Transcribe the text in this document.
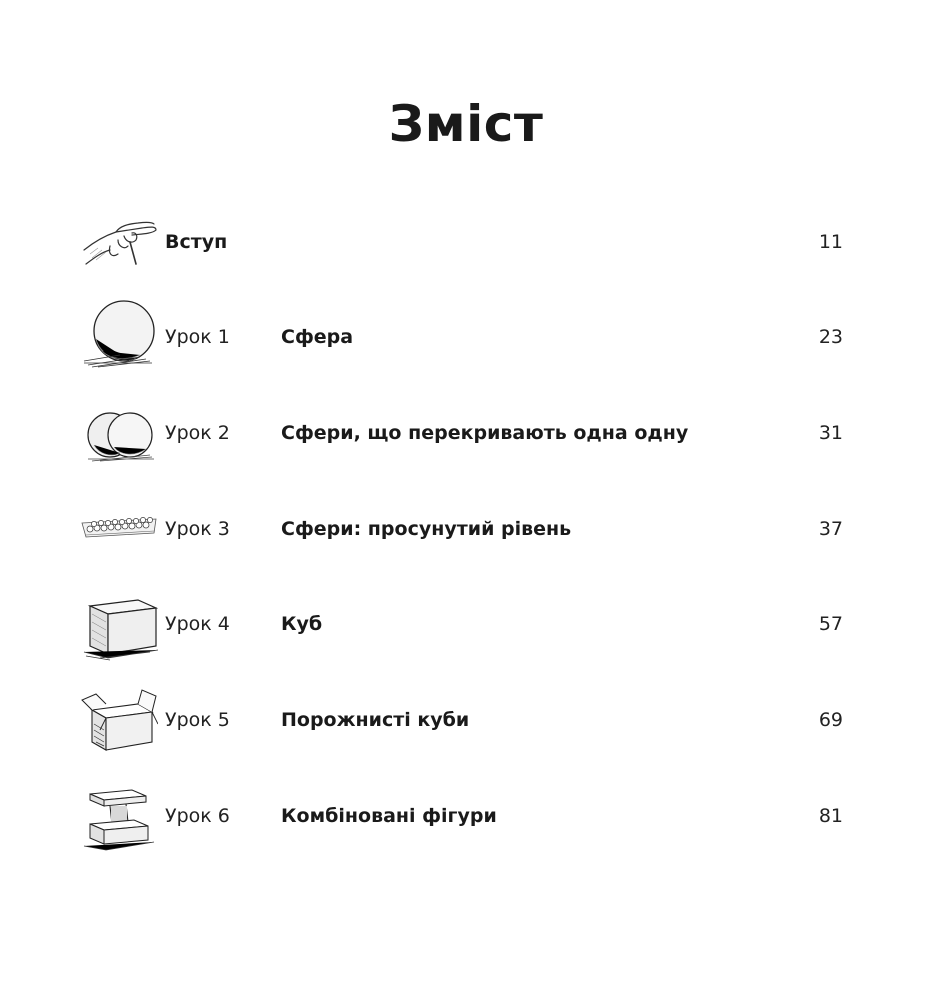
Зміст
Вступ	11
Урок 1	Сфера	23
Урок 2	Сфери, що перекривають одна одну	31
Урок 3	Сфери: просунутий рівень	37
Урок 4	Куб	57
Урок 5	Порожнисті куби	69
Урок 6	Комбіновані фігури	81
